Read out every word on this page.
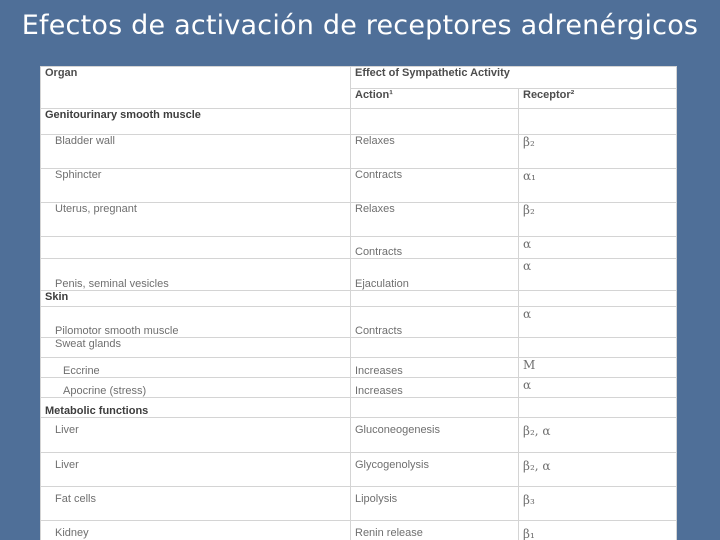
Efectos de activación de receptores adrenérgicos
Organ	Effect of Sympathetic Activity	
	Action¹	Receptor²
Genitourinary smooth muscle		
Bladder wall	Relaxes	β₂
Sphincter	Contracts	α₁
Uterus, pregnant	Relaxes	β₂
	Contracts	α
Penis, seminal vesicles	Ejaculation	α
Skin		
Pilomotor smooth muscle	Contracts	α
Sweat glands		
Eccrine	Increases	M
Apocrine (stress)	Increases	α
Metabolic functions		
Liver	Gluconeogenesis	β₂, α
Liver	Glycogenolysis	β₂, α
Fat cells	Lipolysis	β₃
Kidney	Renin release	β₁
